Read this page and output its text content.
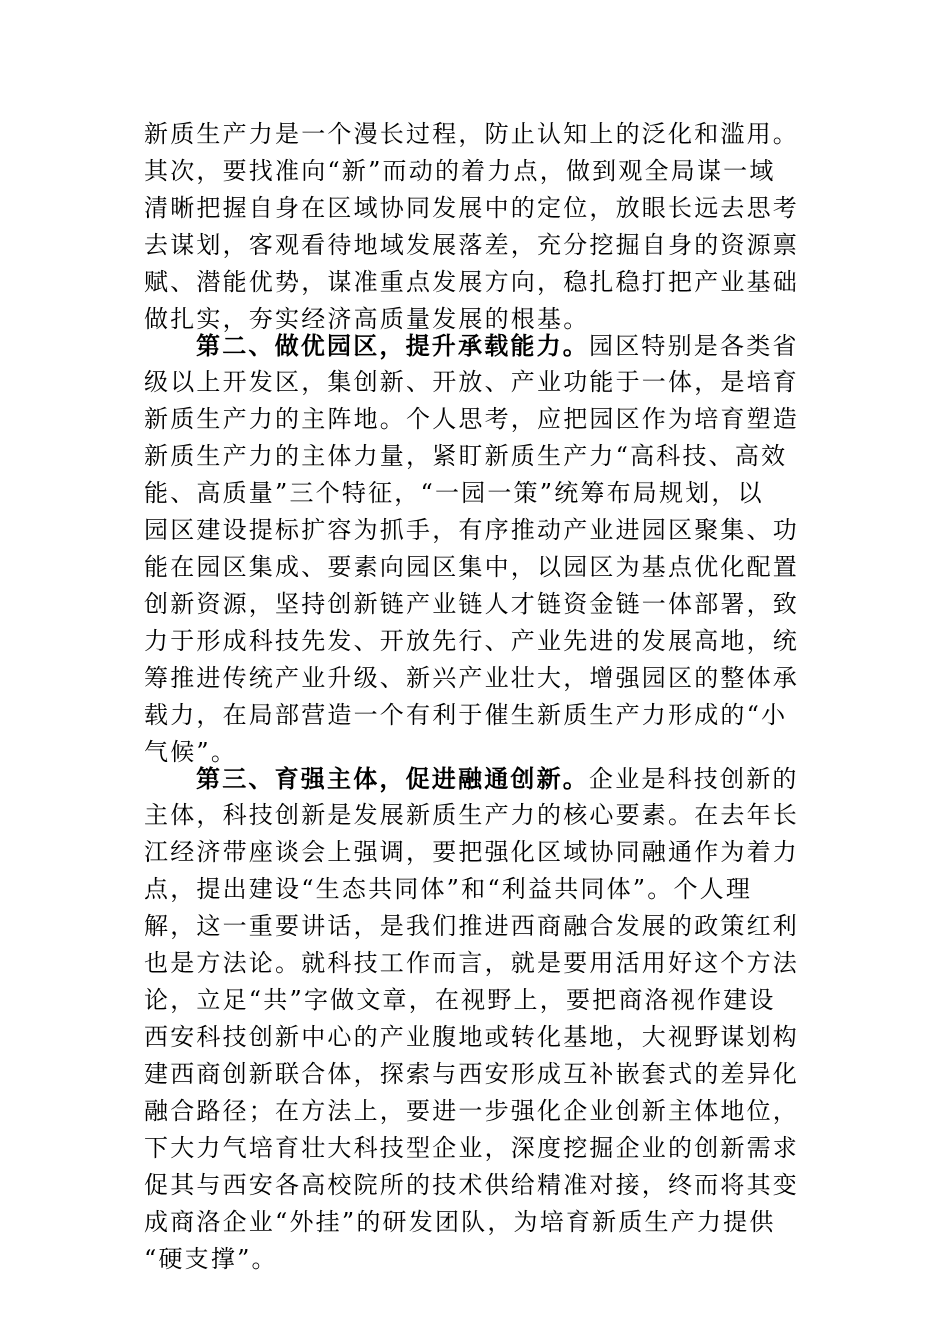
新质生产力是一个漫长过程，防止认知上的泛化和滥用。
其次，要找准向“新”而动的着力点，做到观全局谋一域
清晰把握自身在区域协同发展中的定位，放眼长远去思考
去谋划，客观看待地域发展落差，充分挖掘自身的资源禀
赋、潜能优势，谋准重点发展方向，稳扎稳打把产业基础
做扎实，夯实经济高质量发展的根基。
第二、做优园区，提升承载能力。园区特别是各类省
级以上开发区，集创新、开放、产业功能于一体，是培育
新质生产力的主阵地。个人思考，应把园区作为培育塑造
新质生产力的主体力量，紧盯新质生产力“高科技、高效
能、高质量”三个特征，“一园一策”统筹布局规划，以
园区建设提标扩容为抓手，有序推动产业进园区聚集、功
能在园区集成、要素向园区集中，以园区为基点优化配置
创新资源，坚持创新链产业链人才链资金链一体部署，致
力于形成科技先发、开放先行、产业先进的发展高地，统
筹推进传统产业升级、新兴产业壮大，增强园区的整体承
载力，在局部营造一个有利于催生新质生产力形成的“小
气候”。
第三、育强主体，促进融通创新。企业是科技创新的
主体，科技创新是发展新质生产力的核心要素。在去年长
江经济带座谈会上强调，要把强化区域协同融通作为着力
点，提出建设“生态共同体”和“利益共同体”。个人理
解，这一重要讲话，是我们推进西商融合发展的政策红利
也是方法论。就科技工作而言，就是要用活用好这个方法
论，立足“共”字做文章，在视野上，要把商洛视作建设
西安科技创新中心的产业腹地或转化基地，大视野谋划构
建西商创新联合体，探索与西安形成互补嵌套式的差异化
融合路径；在方法上，要进一步强化企业创新主体地位，
下大力气培育壮大科技型企业，深度挖掘企业的创新需求
促其与西安各高校院所的技术供给精准对接，终而将其变
成商洛企业“外挂”的研发团队，为培育新质生产力提供
“硬支撑”。
